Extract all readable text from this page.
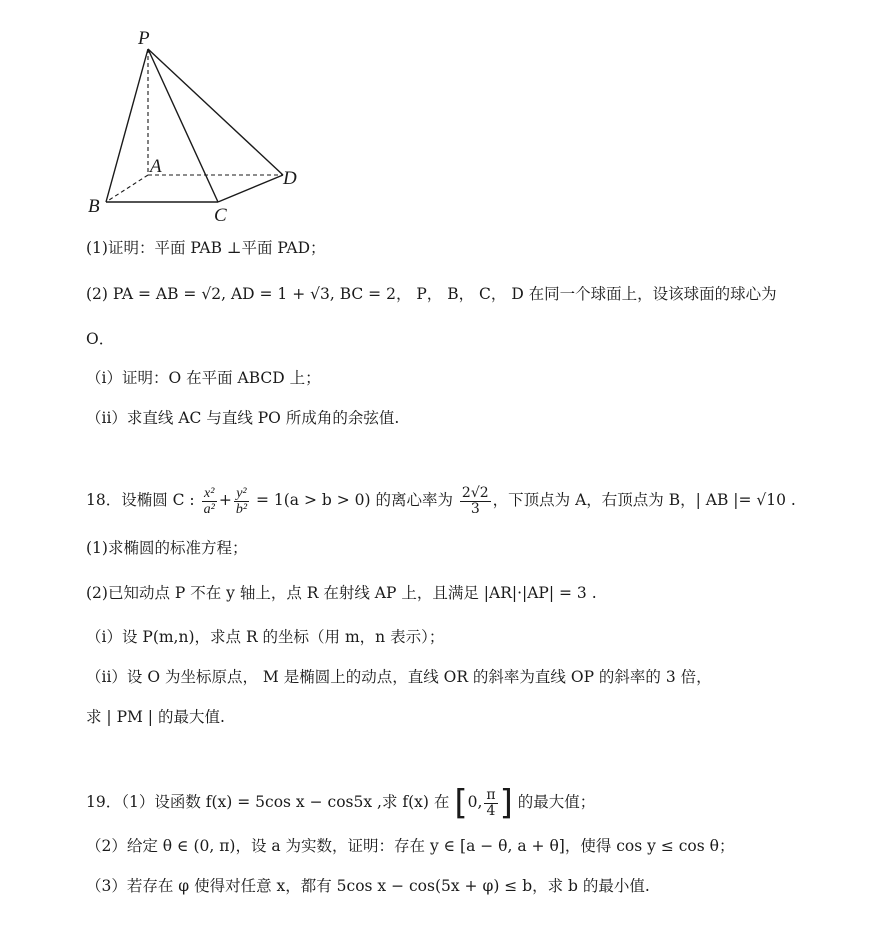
P
A
B	C
D
(1)证明：平面 PAB ⊥平面 PAD；
(2) PA = AB = √2, AD = 1 + √3, BC = 2， P， B， C， D 在同一个球面上，设该球面的球心为
O．
（i）证明：O 在平面 ABCD 上；
（ii）求直线 AC 与直线 PO 所成角的余弦值.
18．设椭圆 C : $\frac{\text{x²}}{\text{a²}} + \frac{\text{y²}}{\text{b²}} = 1(a > b > 0)$ 的离心率为 $\frac{2√2}{3}$ ，下顶点为 A，右顶点为 B，| AB |= √10 .
(1)求椭圆的标准方程；
(2)已知动点 P 不在 y 轴上，点 R 在射线 AP 上，且满足 |AR|·|AP| = 3 .
（i）设 P(m,n)，求点 R 的坐标（用 m，n 表示）；
（ii）设 O 为坐标原点， M 是椭圆上的动点，直线 OR 的斜率为直线 OP 的斜率的 3 倍，
求 | PM | 的最大值.
19．（1）设函数 f(x) = 5cos x − cos5x ,求 f(x) 在 [0, $\frac{\pi}{4}$ ] 的最大值；
（2）给定 θ ∈ (0, π)，设 a 为实数，证明：存在 y ∈ [a − θ, a + θ]，使得 cos y ≤ cos θ；
（3）若存在 φ 使得对任意 x，都有 5cos x − cos(5x + φ) ≤ b，求 b 的最小值.
